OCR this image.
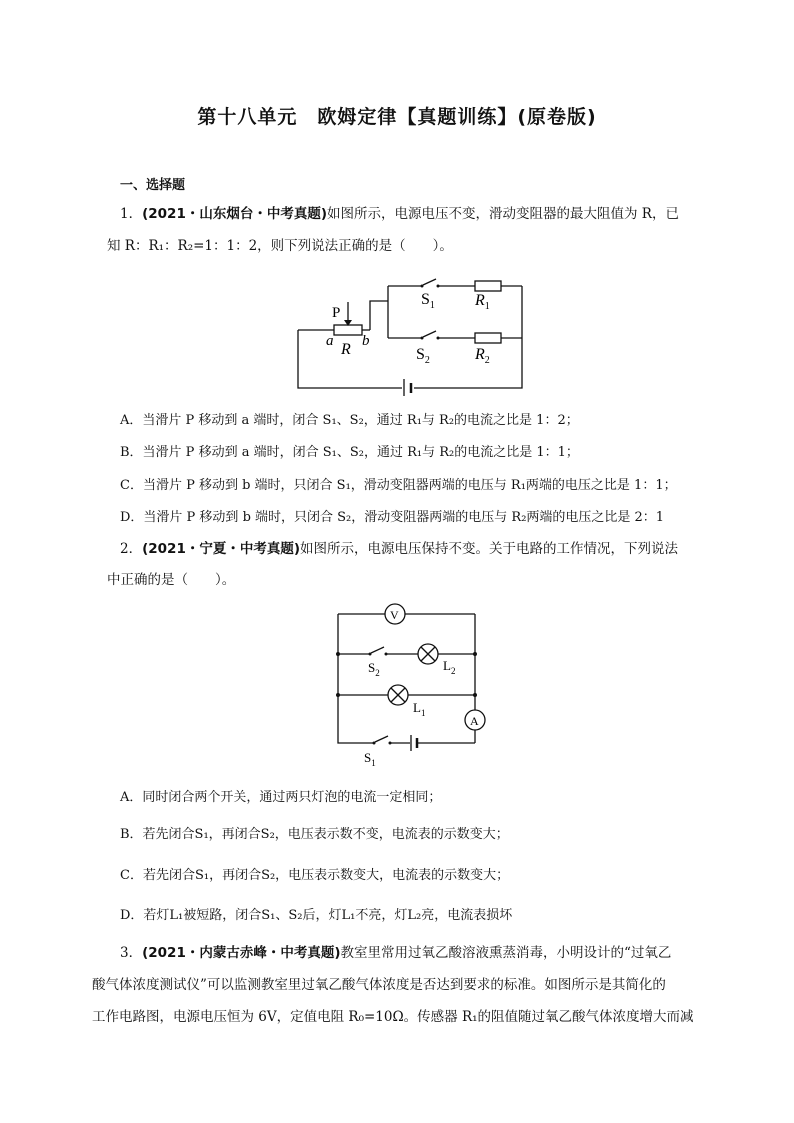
第十八单元　欧姆定律【真题训练】(原卷版)
一、选择题
1．(2021・山东烟台・中考真题)如图所示，电源电压不变，滑动变阻器的最大阻值为 R，已
知 R：R₁：R₂=1：1：2，则下列说法正确的是（　　）。
P
a R b
$S_1$	$R_1$
$S_2$	$R_2$
A．当滑片 P 移动到 a 端时，闭合 S₁、S₂，通过 R₁与 R₂的电流之比是 1：2；
B．当滑片 P 移动到 a 端时，闭合 S₁、S₂，通过 R₁与 R₂的电流之比是 1：1；
C．当滑片 P 移动到 b 端时，只闭合 S₁，滑动变阻器两端的电压与 R₁两端的电压之比是 1：1；
D．当滑片 P 移动到 b 端时，只闭合 S₂，滑动变阻器两端的电压与 R₂两端的电压之比是 2：1
2．(2021・宁夏・中考真题)如图所示，电源电压保持不变。关于电路的工作情况，下列说法
中正确的是（　　）。
V
A
$S_2$	$L_2$
$L_1$
$S_1$
A．同时闭合两个开关，通过两只灯泡的电流一定相同；
B．若先闭合S₁，再闭合S₂，电压表示数不变，电流表的示数变大；
C．若先闭合S₁，再闭合S₂，电压表示数变大，电流表的示数变大；
D．若灯L₁被短路，闭合S₁、S₂后，灯L₁不亮，灯L₂亮，电流表损坏
3．(2021・内蒙古赤峰・中考真题)教室里常用过氧乙酸溶液熏蒸消毒，小明设计的“过氧乙
酸气体浓度测试仪”可以监测教室里过氧乙酸气体浓度是否达到要求的标准。如图所示是其简化的
工作电路图，电源电压恒为 6V，定值电阻 R₀=10Ω。传感器 R₁的阻值随过氧乙酸气体浓度增大而减
